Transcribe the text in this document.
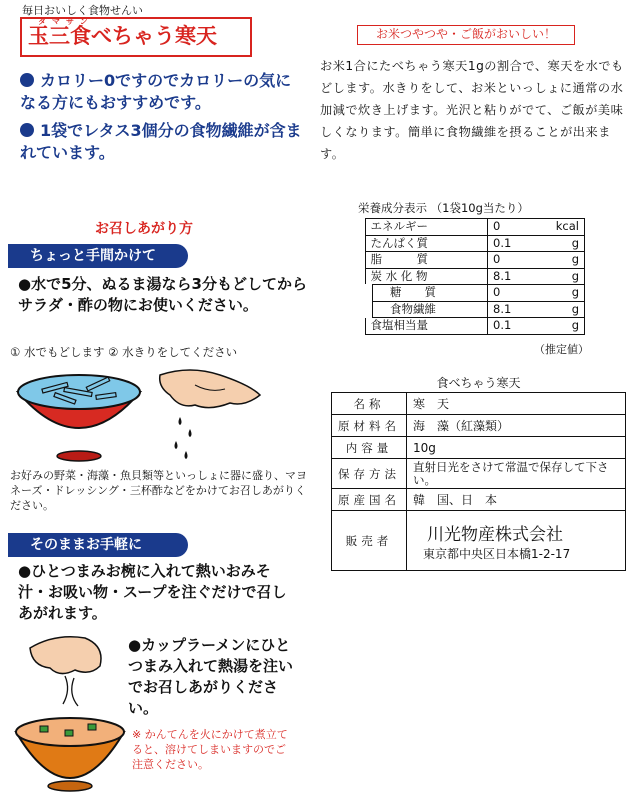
毎日おいしく食物せんい
タマサン
玉三食べちゃう寒天
カロリー0ですのでカロリーの気になる方にもおすすめです。
1袋でレタス3個分の食物繊維が含まれています。
お米つやつや・ご飯がおいしい！
お米1合にたべちゃう寒天1gの割合で、寒天を水でもどします。水きりをして、お米といっしょに通常の水加減で炊き上げます。光沢と粘りがでて、ご飯が美味しくなります。簡単に食物繊維を摂ることが出来ます。
お召しあがり方
ちょっと手間かけて
●水で5分、ぬるま湯なら3分もどしてからサラダ・酢の物にお使いください。
① 水でもどします ② 水きりをしてください
お好みの野菜・海藻・魚貝類等といっしょに器に盛り、マヨネーズ・ドレッシング・三杯酢などをかけてお召しあがりください。
そのままお手軽に
●ひとつまみお椀に入れて熱いおみそ汁・お吸い物・スープを注ぐだけで召しあがれます。
●カップラーメンにひとつまみ入れて熱湯を注いでお召しあがりください。
※ かんてんを火にかけて煮立てると、溶けてしまいますのでご注意ください。
栄養成分表示 （1袋10g当たり）
エネルギー	0	kcal
たんぱく質	0.1	g
脂　　　質	0	g
炭 水 化 物	8.1	g
糖　　質	0	g
食物繊維	8.1	g
食塩相当量	0.1	g
（推定値）
食べちゃう寒天
名称	寒　天
原材料名	海　藻（紅藻類）
内容量	10g
保存方法	直射日光をさけて常温で保存して下さい。
原産国名	韓　国、日　本
販売者	川光物産株式会社
東京都中央区日本橋1-2-17
